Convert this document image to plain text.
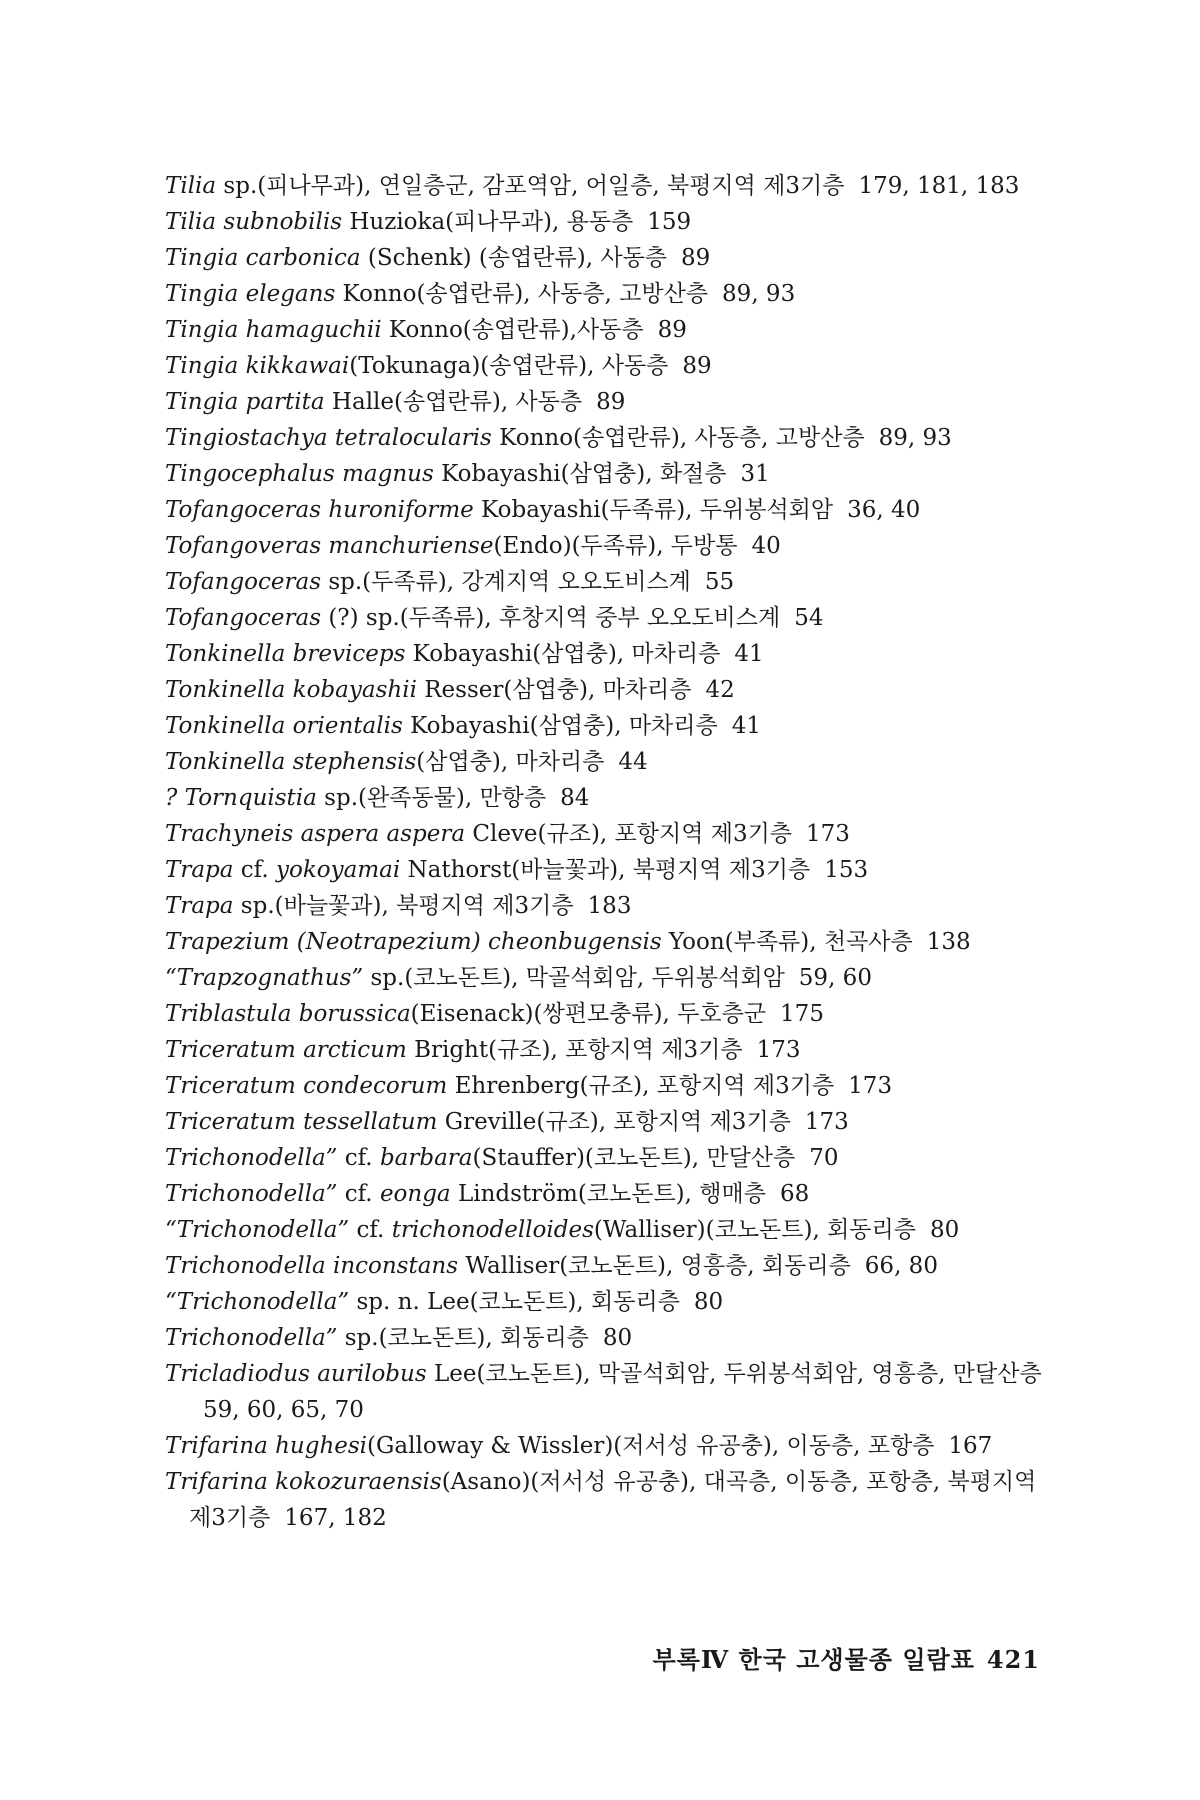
Tilia sp.(피나무과), 연일층군, 감포역암, 어일층, 북평지역 제3기층 179, 181, 183

Tilia subnobilis Huzioka(피나무과), 용동층 159

Tingia carbonica (Schenk) (송엽란류), 사동층 89

Tingia elegans Konno(송엽란류), 사동층, 고방산층 89, 93

Tingia hamaguchii Konno(송엽란류),사동층 89

Tingia kikkawai(Tokunaga)(송엽란류), 사동층 89

Tingia partita Halle(송엽란류), 사동층 89

Tingiostachya tetralocularis Konno(송엽란류), 사동층, 고방산층 89, 93

Tingocephalus magnus Kobayashi(삼엽충), 화절층 31

Tofangoceras huroniforme Kobayashi(두족류), 두위봉석회암 36, 40

Tofangoveras manchuriense(Endo)(두족류), 두방통 40

Tofangoceras sp.(두족류), 강계지역 오오도비스계 55

Tofangoceras (?) sp.(두족류), 후창지역 중부 오오도비스계 54

Tonkinella breviceps Kobayashi(삼엽충), 마차리층 41

Tonkinella kobayashii Resser(삼엽충), 마차리층 42

Tonkinella orientalis Kobayashi(삼엽충), 마차리층 41

Tonkinella stephensis(삼엽충), 마차리층 44

? Tornquistia sp.(완족동물), 만항층 84

Trachyneis aspera aspera Cleve(규조), 포항지역 제3기층 173

Trapa cf. yokoyamai Nathorst(바늘꽃과), 북평지역 제3기층 153

Trapa sp.(바늘꽃과), 북평지역 제3기층 183

Trapezium (Neotrapezium) cheonbugensis Yoon(부족류), 천곡사층 138

“Trapzognathus” sp.(코노돈트), 막골석회암, 두위봉석회암 59, 60

Triblastula borussica(Eisenack)(쌍편모충류), 두호층군 175

Triceratum arcticum Bright(규조), 포항지역 제3기층 173

Triceratum condecorum Ehrenberg(규조), 포항지역 제3기층 173

Triceratum tessellatum Greville(규조), 포항지역 제3기층 173

Trichonodella” cf. barbara(Stauffer)(코노돈트), 만달산층 70

Trichonodella” cf. eonga Lindström(코노돈트), 행매층 68

“Trichonodella” cf. trichonodelloides(Walliser)(코노돈트), 회동리층 80

Trichonodella inconstans Walliser(코노돈트), 영흥층, 회동리층 66, 80

“Trichonodella” sp. n. Lee(코노돈트), 회동리층 80

Trichonodella” sp.(코노돈트), 회동리층 80

Tricladiodus aurilobus Lee(코노돈트), 막골석회암, 두위봉석회암, 영흥층, 만달산층59, 60, 65, 70

Trifarina hughesi(Galloway & Wissler)(저서성 유공충), 이동층, 포항층 167

Trifarina kokozuraensis(Asano)(저서성 유공충), 대곡층, 이동층, 포항층, 북평지역 제3기층 167, 182

부록Ⅳ 한국 고생물종 일람표 421
